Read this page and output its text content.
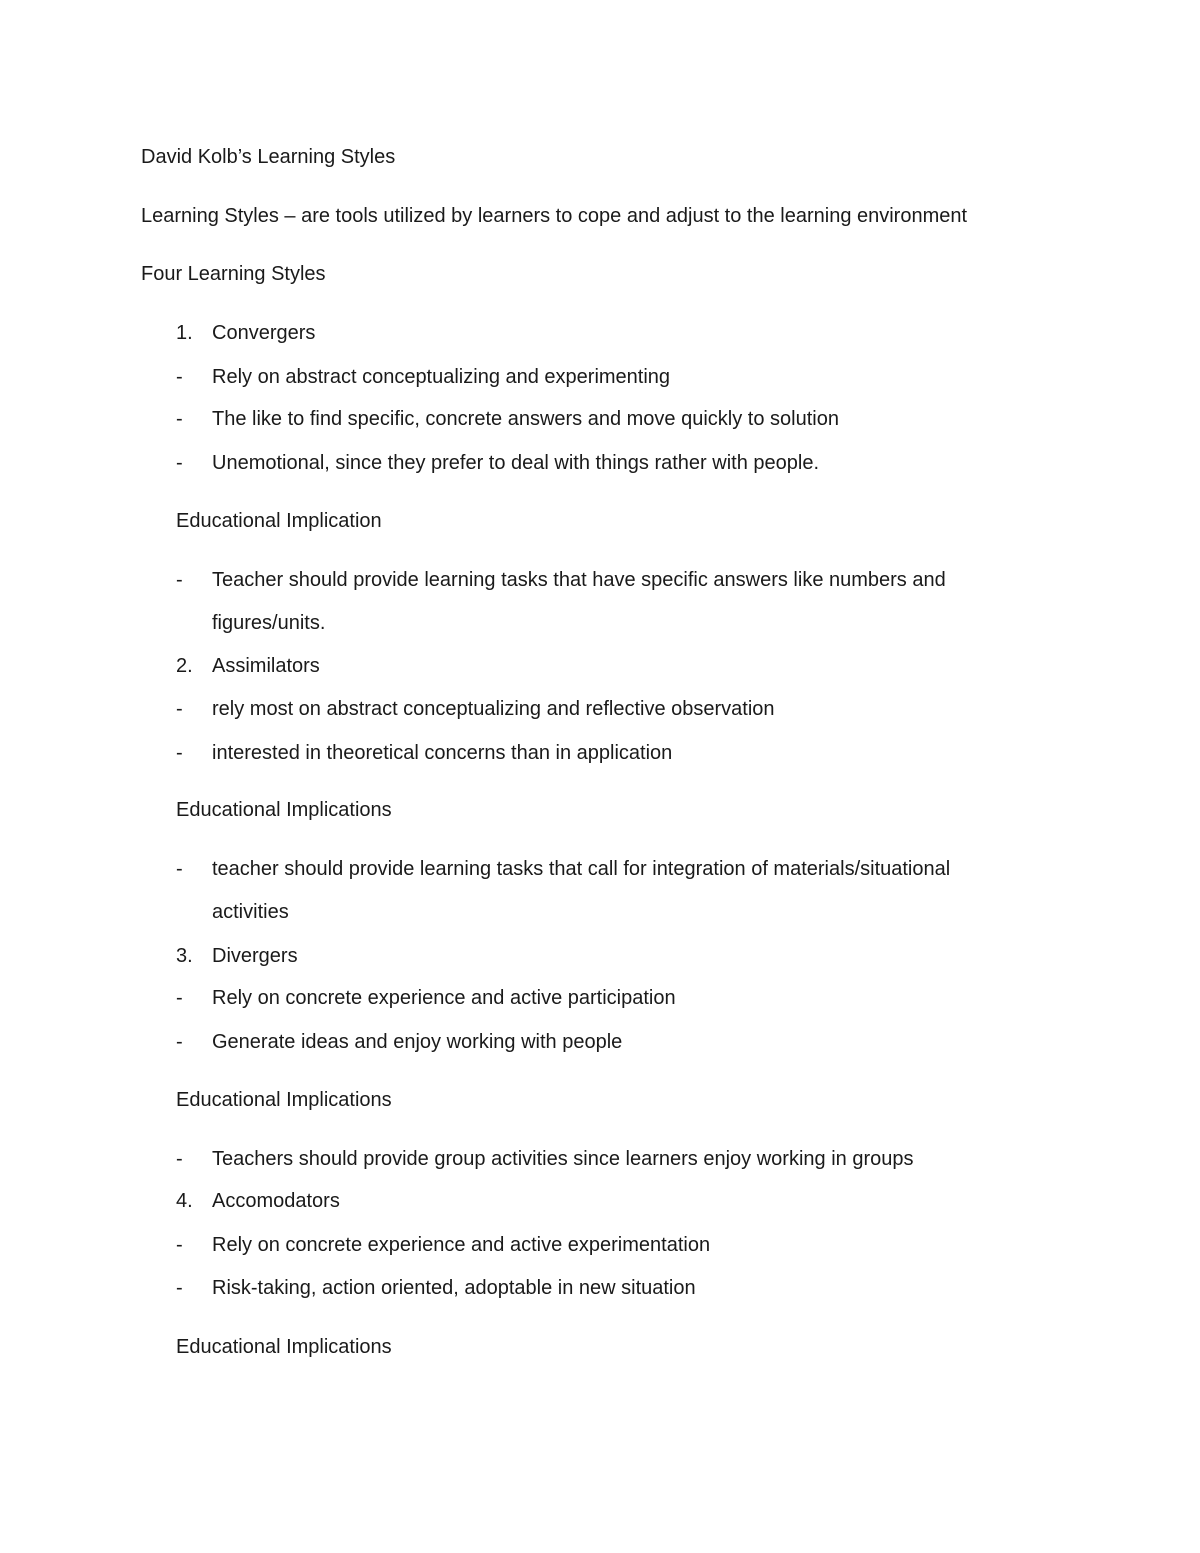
David Kolb’s Learning Styles
Learning Styles – are tools utilized by learners to cope and adjust to the learning environment
Four Learning Styles
1. Convergers
- Rely on abstract conceptualizing and experimenting
- The like to find specific, concrete answers and move quickly to solution
- Unemotional, since they prefer to deal with things rather with people.
Educational Implication
- Teacher should provide learning tasks that have specific answers like numbers and
figures/units.
2. Assimilators
- rely most on abstract conceptualizing and reflective observation
- interested in theoretical concerns than in application
Educational Implications
- teacher should provide learning tasks that call for integration of materials/situational
activities
3. Divergers
- Rely on concrete experience and active participation
- Generate ideas and enjoy working with people
Educational Implications
- Teachers should provide group activities since learners enjoy working in groups
4. Accomodators
- Rely on concrete experience and active experimentation
- Risk-taking, action oriented, adoptable in new situation
Educational Implications
